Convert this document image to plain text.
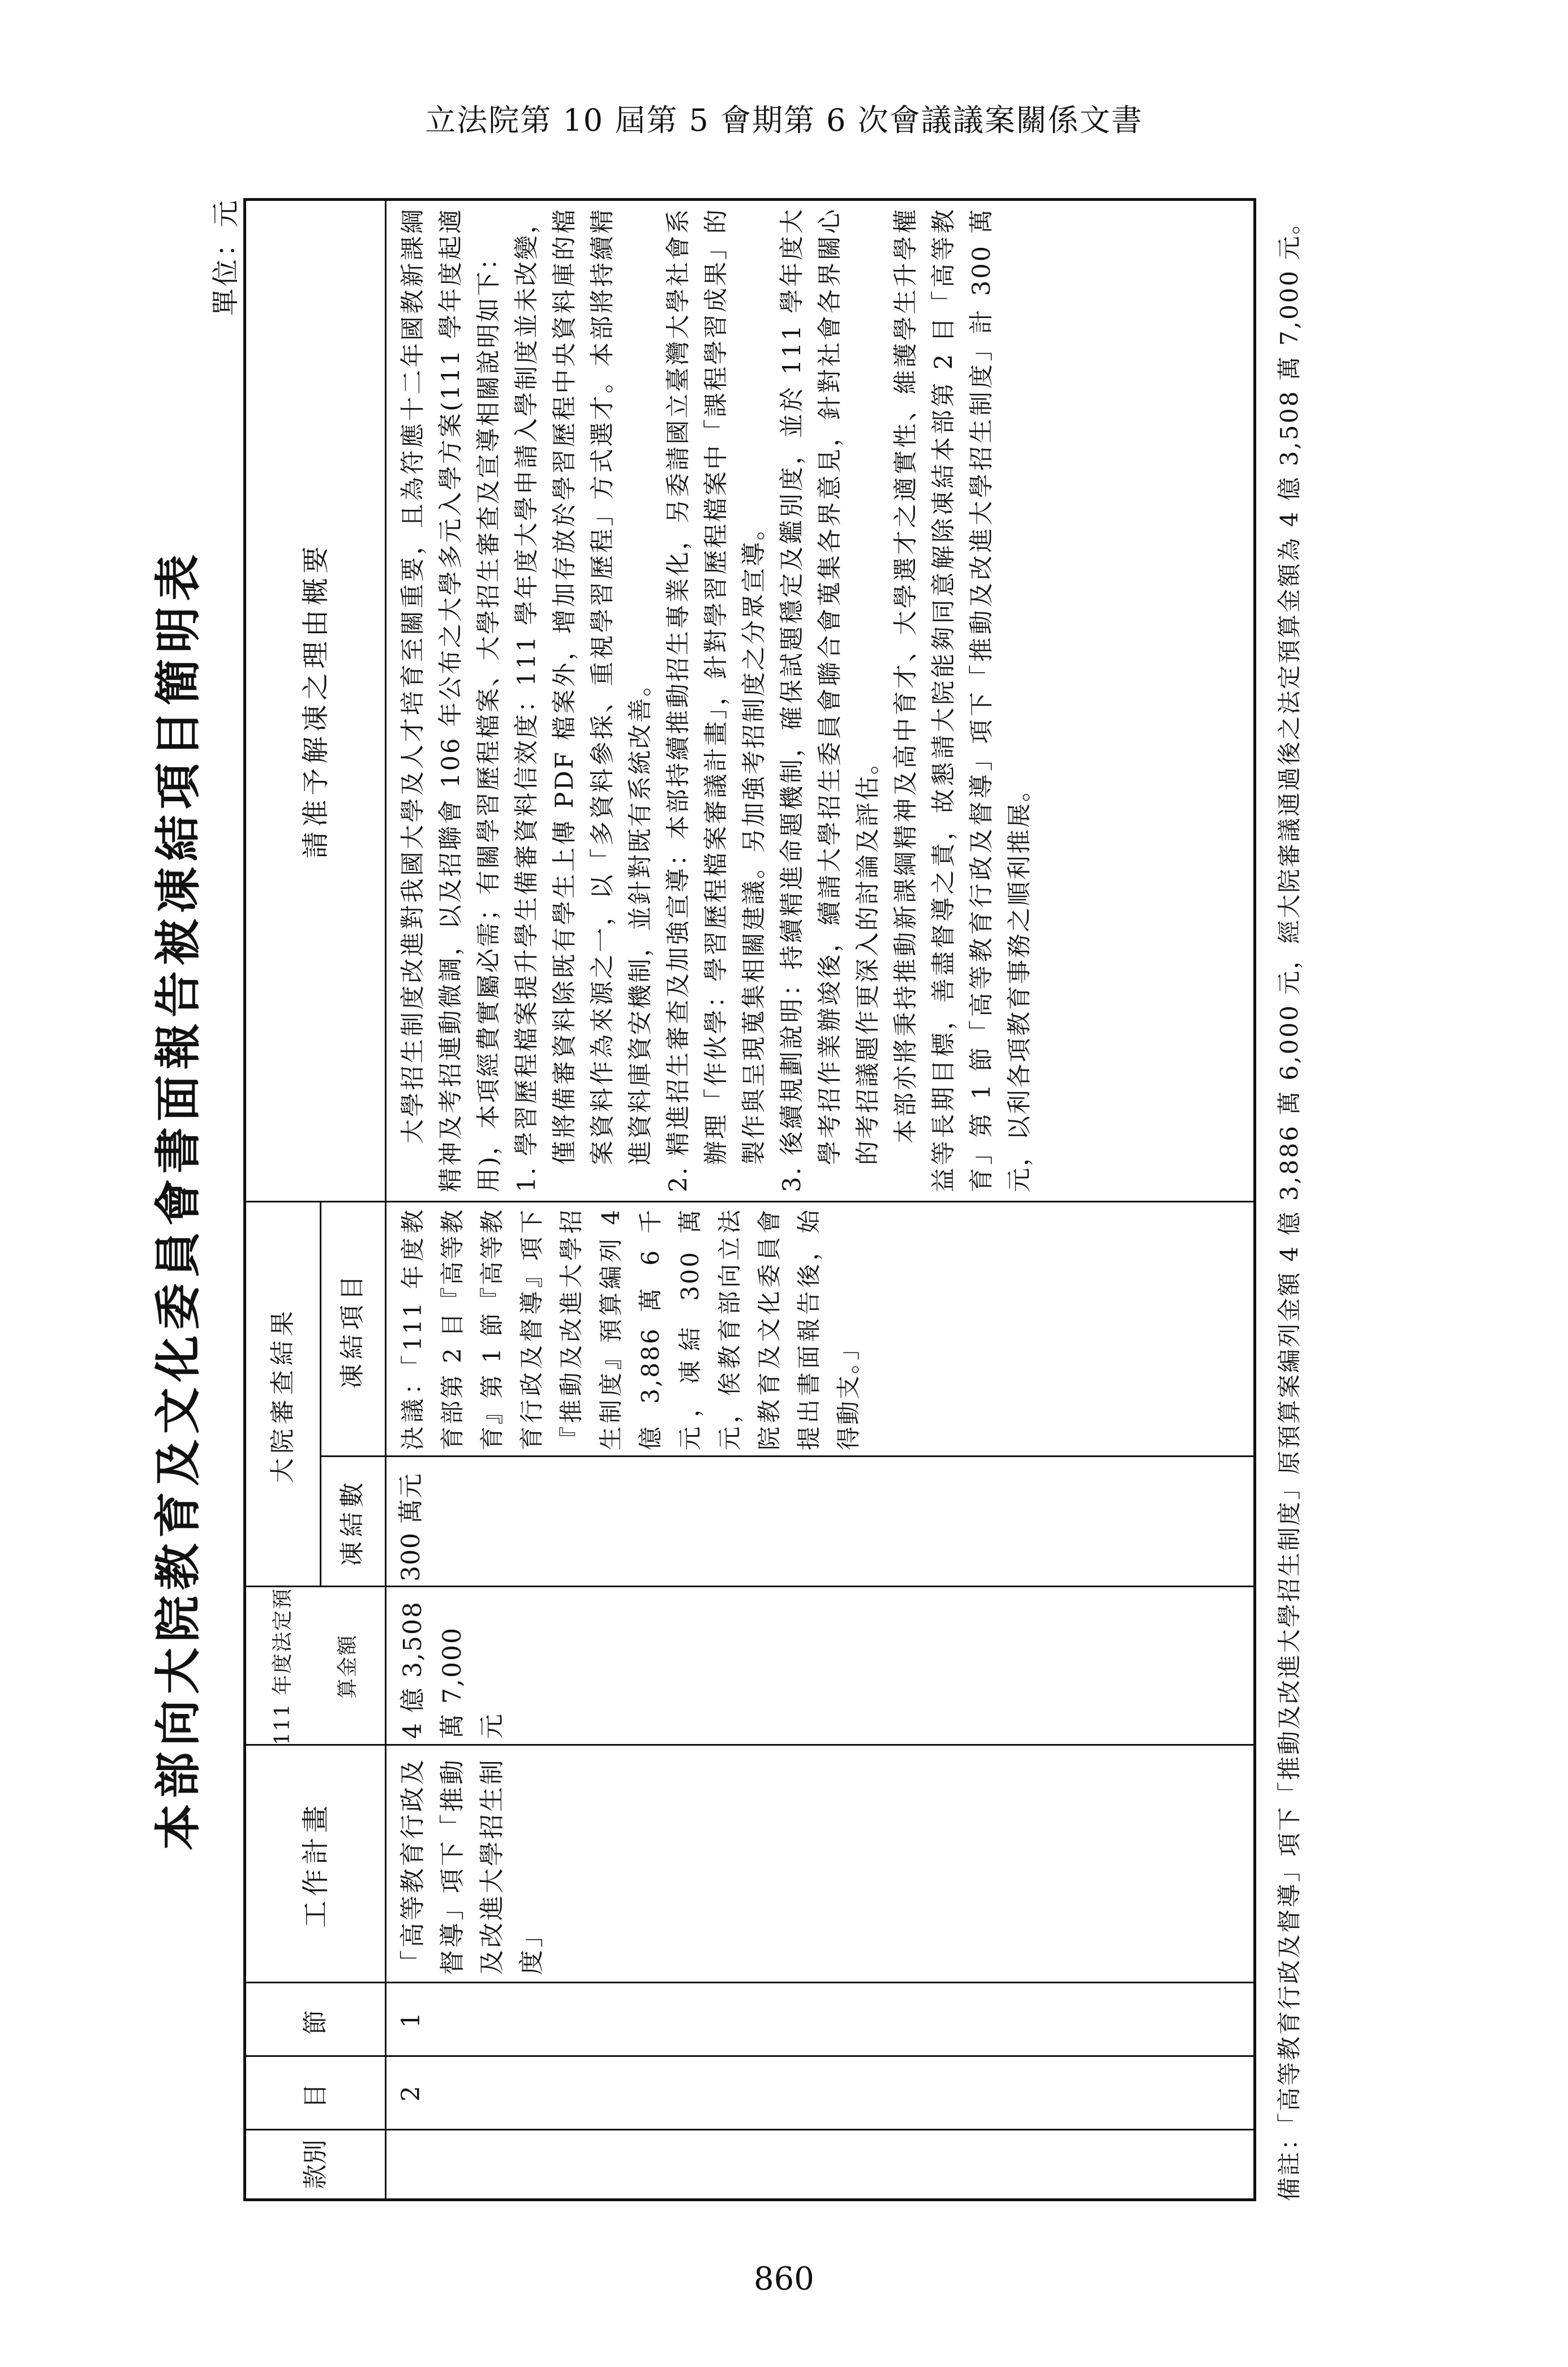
立法院第 10 屆第 5 會期第 6 次會議議案關係文書
本部向大院教育及文化委員會書面報告被凍結項目簡明表
單位：元
款別
目
節
工作計畫
111 年度法定預	算金額
大院審查結果
凍結數
凍結項目
請准予解凍之理由概要
2
1
「高等教育行政及督導」項下「推動及改進大學招生制度」
4 億 3,508 萬 7,000 元
300 萬元
決議：「111 年度教育部第 2 目『高等教育』第 1 節『高等教育行政及督導』項下『推動及改進大學招生制度』預算編列 4 億 3,886 萬 6 千元，凍結 300 萬元，俟教育部向立法院教育及文化委員會提出書面報告後，始得動支。」

大學招生制度改進對我國大學及人才培育至關重要，且為符應十二年國教新課綱精神及考招連動微調，以及招聯會 106 年公布之大學多元入學方案(111 學年度起適用)，本項經費實屬必需；有關學習歷程檔案、大學招生審查及宣導相關說明如下： 1. 學習歷程檔案提升學生備審資料信效度：111 學年度大學申請入學制度並未改變，僅將備審資料除既有學生上傳 PDF 檔案外，增加存放於學習歷程中央資料庫的檔案資料作為來源之一，以「多資料參採、重視學習歷程」方式選才。本部將持續精進資料庫資安機制，並針對既有系統改善。 2. 精進招生審查及加強宣導：本部持續推動招生專業化，另委請國立臺灣大學社會系辦理「作伙學：學習歷程檔案審議計畫」，針對學習歷程檔案中「課程學習成果」的製作與呈現蒐集相關建議。另加強考招制度之分眾宣導。 3. 後續規劃說明：持續精進命題機制，確保試題穩定及鑑別度，並於 111 學年度大學考招作業辦竣後，續請大學招生委員會聯合會蒐集各界意見，針對社會各界關心的考招議題作更深入的討論及評估。 本部亦將秉持推動新課綱精神及高中育才、大學選才之適實性、維護學生升學權益等長期目標，善盡督導之責，故懇請大院能夠同意解除凍結本部第 2 目「高等教育」第 1 節「高等教育行政及督導」項下「推動及改進大學招生制度」計 300 萬元，以利各項教育事務之順利推展。	備註：「高等教育行政及督導」項下「推動及改進大學招生制度」原預算案編列金額 4 億 3,886 萬 6,000 元，經大院審議通過後之法定預算金額為 4 億 3,508 萬 7,000 元。
860
